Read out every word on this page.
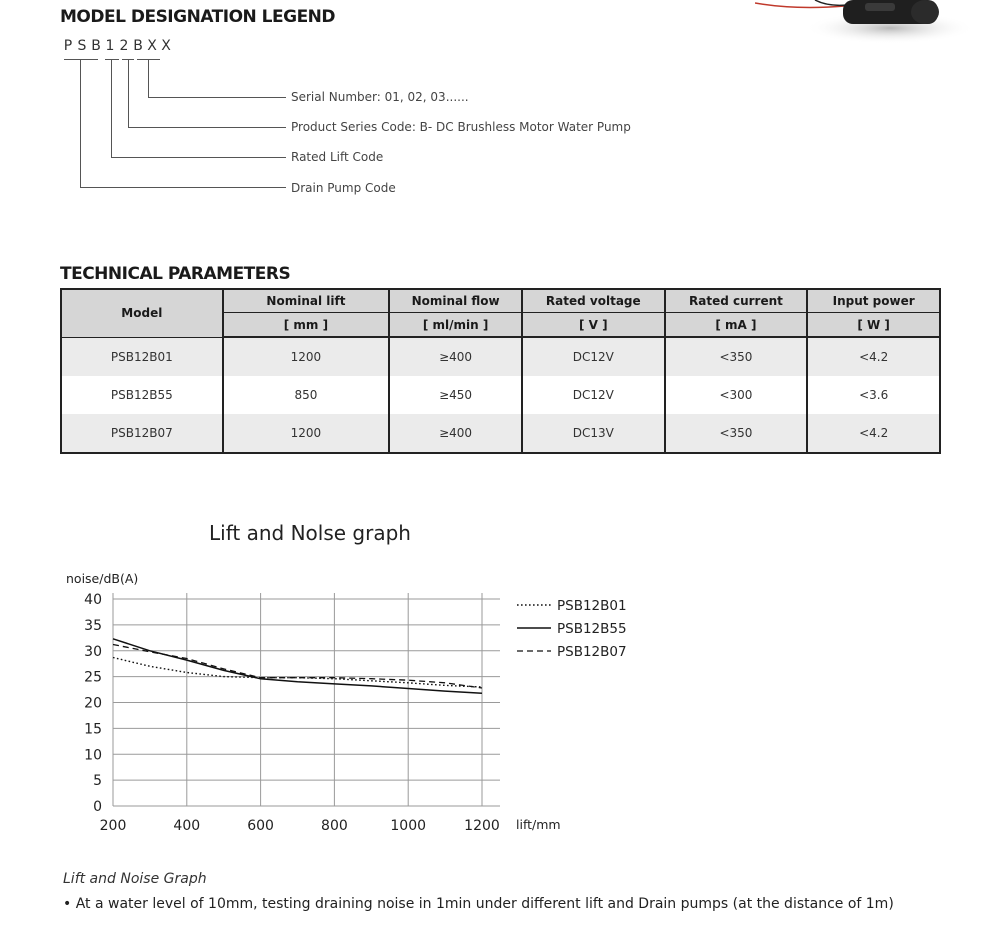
MODEL DESIGNATION LEGEND
P S B 1 2 B X X
Serial Number: 01, 02, 03......
Product Series Code: B- DC Brushless Motor Water Pump
Rated Lift Code
Drain Pump Code
TECHNICAL PARAMETERS
Model	Nominal lift	Nominal flow	Rated voltage	Rated current	Input power
	[ mm ]	[ ml/min ]	[ V ]	[ mA ]	[ W ]
PSB12B01	1200	≥400	DC12V	<350	<4.2
PSB12B55	850	≥450	DC12V	<300	<3.6
PSB12B07	1200	≥400	DC13V	<350	<4.2
Lift and Nolse graph
noise/dB(A)
lift/mm
0
5
10
15
20
25
30
35
40
200	400	600	800	1000	1200
PSB12B01
PSB12B55
PSB12B07

Lift and Noise Graph

• At a water level of 10mm, testing draining noise in 1min under different lift and Drain pumps (at the distance of 1m)
